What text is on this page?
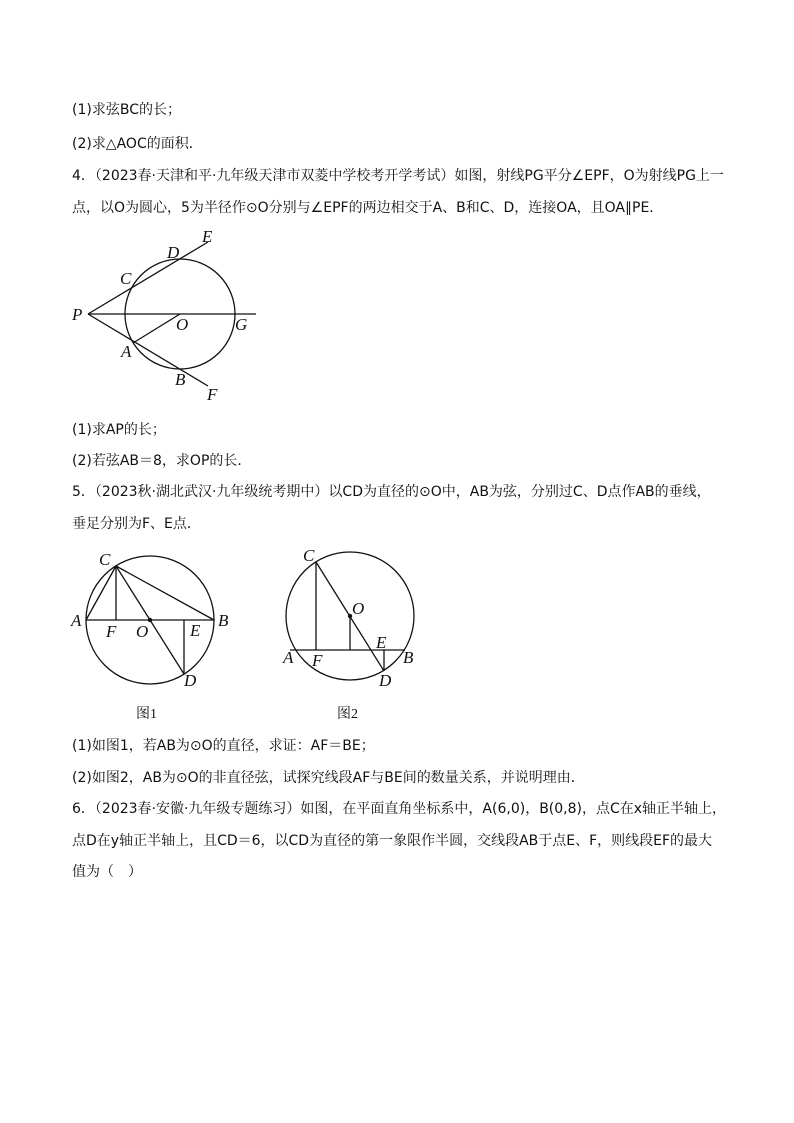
(1)求弦BC的长；
(2)求△AOC的面积．
4．（2023春·天津和平·九年级天津市双菱中学校考开学考试）如图，射线PG平分∠EPF，O为射线PG上一
点，以O为圆心，5为半径作⊙O分别与∠EPF的两边相交于A、B和C、D，连接OA，且OA∥PE．
P
C
D
E
O	G
A
B
F
(1)求AP的长；
(2)若弦AB＝8，求OP的长．
5．（2023秋·湖北武汉·九年级统考期中）以CD为直径的⊙O中，AB为弦，分别过C、D点作AB的垂线，
垂足分别为F、E点．
C
A
F O E
B
D
图1
C
O
A F
E
B
D
图2
(1)如图1，若AB为⊙O的直径，求证：AF＝BE；
(2)如图2，AB为⊙O的非直径弦，试探究线段AF与BE间的数量关系，并说明理由．
6．（2023春·安徽·九年级专题练习）如图，在平面直角坐标系中，A(6,0)，B(0,8)，点C在x轴正半轴上，
点D在y轴正半轴上，且CD＝6，以CD为直径的第一象限作半圆，交线段AB于点E、F，则线段EF的最大
值为（　）
